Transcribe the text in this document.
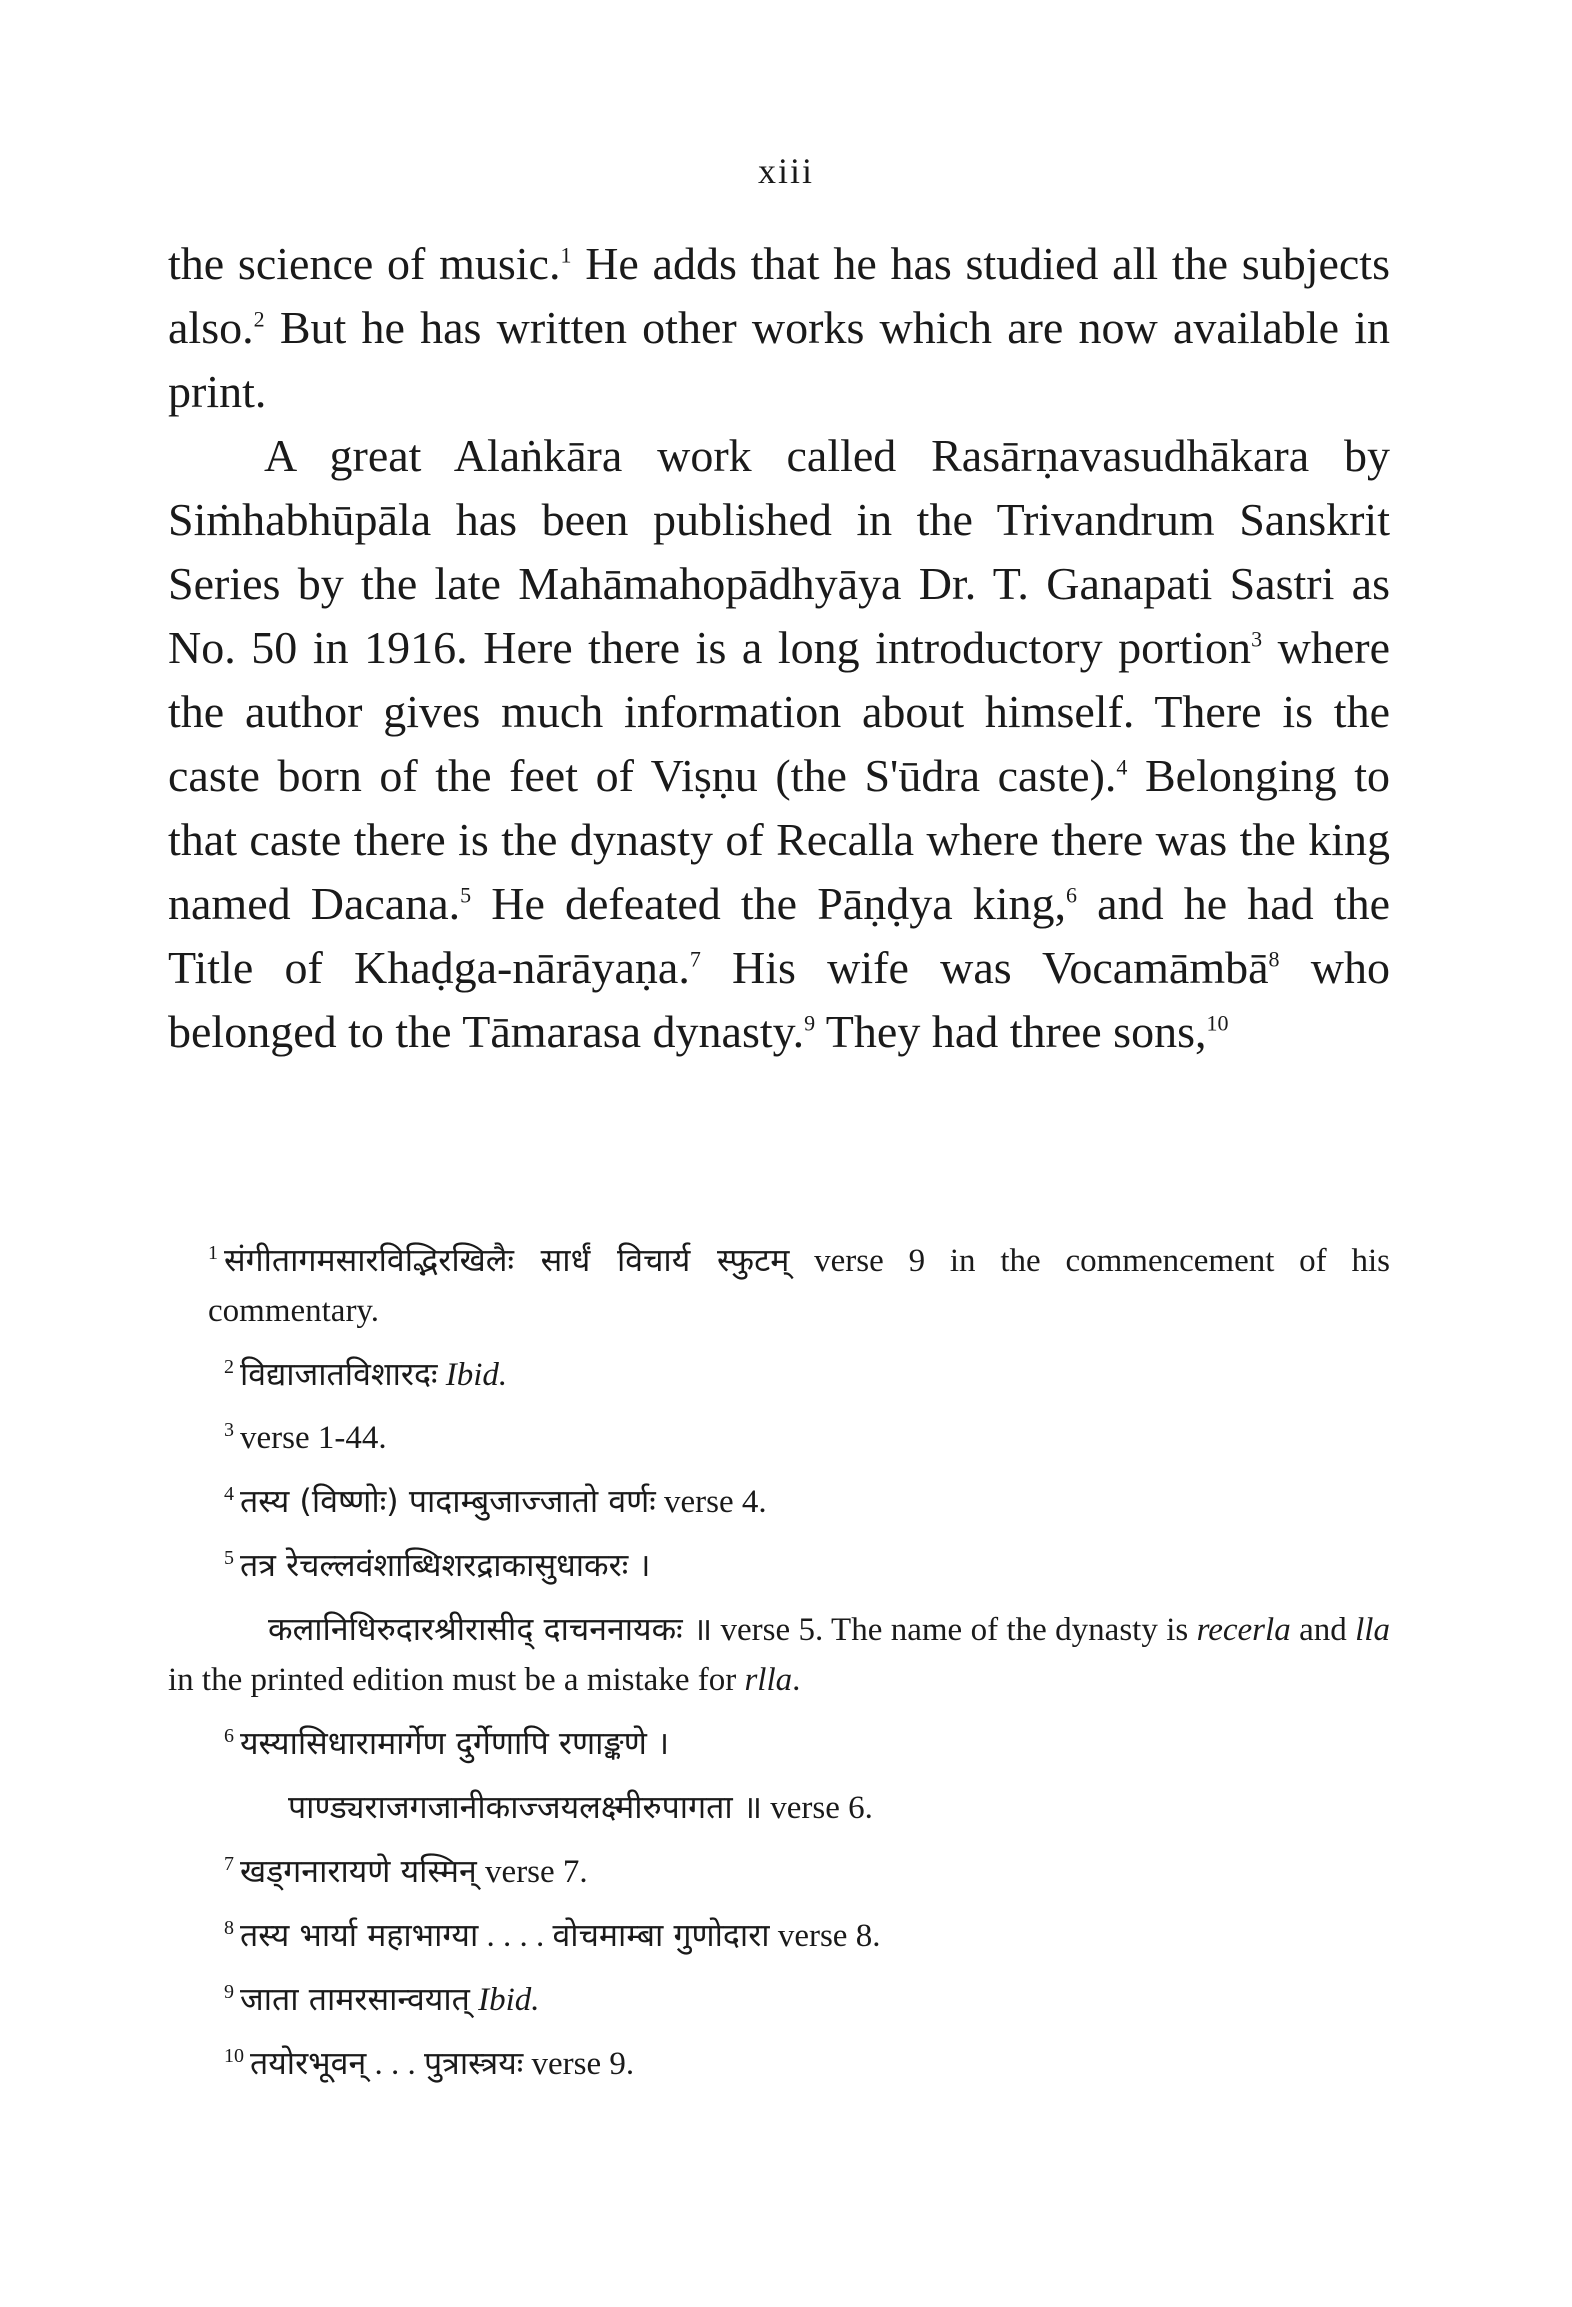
xiii

the science of music.$^1$ He adds that he has studied all the subjects also.$^2$ But he has written other works which are now available in print.

A great Alaṅkāra work called Rasārṇavasudhākara by Siṁhabhūpāla has been published in the Trivandrum Sanskrit Series by the late Mahāmahopādhyāya Dr. T. Ganapati Sastri as No. 50 in 1916. Here there is a long introductory portion$^3$ where the author gives much information about himself. There is the caste born of the feet of Viṣṇu (the S'ūdra caste).$^4$ Belonging to that caste there is the dynasty of Recalla where there was the king named Dacana.$^5$ He defeated the Pāṇḍya king,$^6$ and he had the Title of Khaḍga-nārāyaṇa.$^7$ His wife was Vocamāmbā$^8$ who belonged to the Tāmarasa dynasty.$^9$ They had three sons,$^{10}$

$^1$ संगीतागमसारविद्भिरखिलैः सार्धं विचार्य स्फुटम् verse 9 in the commencement of his commentary.

$^2$ विद्याजातविशारदः Ibid.

$^3$ verse 1-44.

$^4$ तस्य (विष्णोः) पादाम्बुजाज्जातो वर्णः verse 4.

$^5$ तत्र रेचल्लवंशाब्धिशरद्राकासुधाकरः ।

कलानिधिरुदारश्रीरासीद् दाचननायकः ॥ verse 5. The name of the dynasty is recerla and lla in the printed edition must be a mistake for rlla.

$^6$ यस्यासिधारामार्गेण दुर्गेणापि रणाङ्कणे ।

पाण्ड्यराजगजानीकाज्जयलक्ष्मीरुपागता ॥ verse 6.

$^7$ खड्गनारायणे यस्मिन् verse 7.

$^8$ तस्य भार्या महाभाग्या . . . . वोचमाम्बा गुणोदारा verse 8.

$^9$ जाता तामरसान्वयात् Ibid.

$^{10}$ तयोरभूवन् . . . पुत्रास्त्रयः verse 9.
